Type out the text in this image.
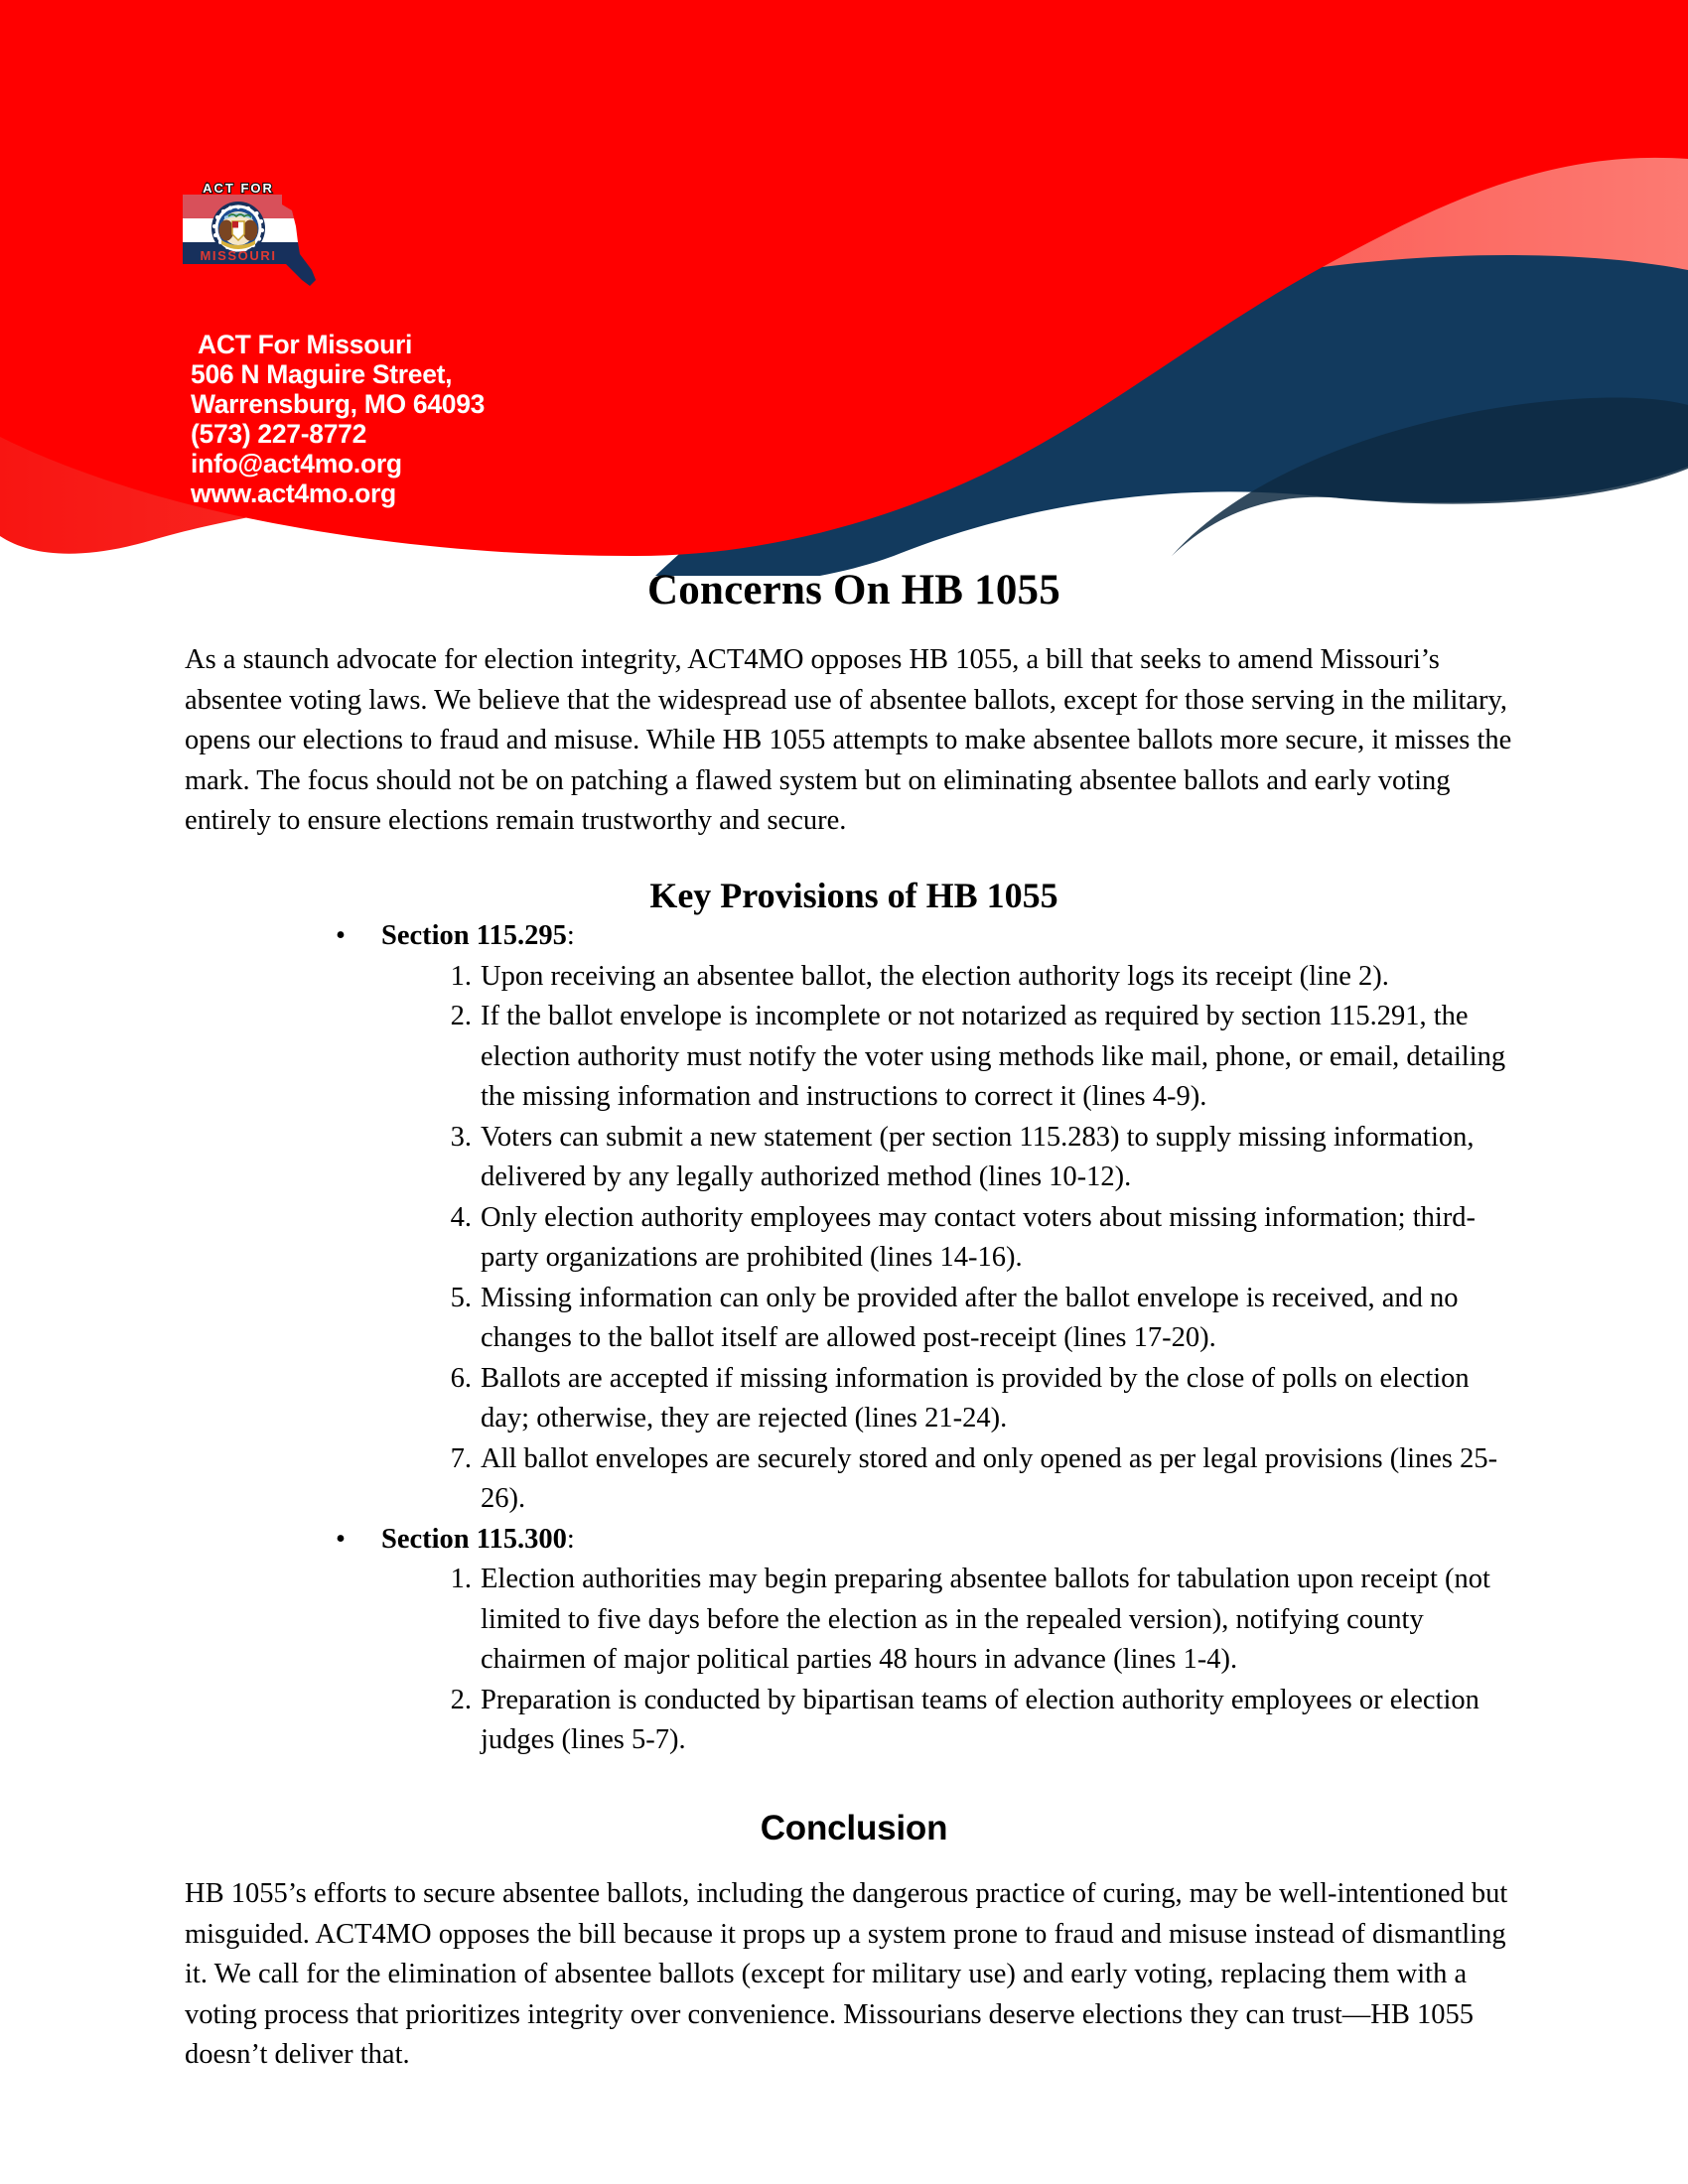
ACT FOR
MISSOURI
ACT For Missouri
506 N Maguire Street,
Warrensburg, MO 64093
(573) 227-8772
info@act4mo.org
www.act4mo.org
Concerns On HB 1055

As a staunch advocate for election integrity, ACT4MO opposes HB 1055, a bill that seeks to amend Missouri’s absentee voting laws. We believe that the widespread use of absentee ballots, except for those serving in the military, opens our elections to fraud and misuse. While HB 1055 attempts to make absentee ballots more secure, it misses the mark. The focus should not be on patching a flawed system but on eliminating absentee ballots and early voting entirely to ensure elections remain trustworthy and secure.

Key Provisions of HB 1055
• Section 115.295:
1. Upon receiving an absentee ballot, the election authority logs its receipt (line 2).
2. If the ballot envelope is incomplete or not notarized as required by section 115.291, the election authority must notify the voter using methods like mail, phone, or email, detailing the missing information and instructions to correct it (lines 4-9).
3. Voters can submit a new statement (per section 115.283) to supply missing information, delivered by any legally authorized method (lines 10-12).
4. Only election authority employees may contact voters about missing information; third-party organizations are prohibited (lines 14-16).
5. Missing information can only be provided after the ballot envelope is received, and no changes to the ballot itself are allowed post-receipt (lines 17-20).
6. Ballots are accepted if missing information is provided by the close of polls on election day; otherwise, they are rejected (lines 21-24).
7. All ballot envelopes are securely stored and only opened as per legal provisions (lines 25-26).
• Section 115.300:
1. Election authorities may begin preparing absentee ballots for tabulation upon receipt (not limited to five days before the election as in the repealed version), notifying county chairmen of major political parties 48 hours in advance (lines 1-4).
2. Preparation is conducted by bipartisan teams of election authority employees or election judges (lines 5-7).
Conclusion

HB 1055’s efforts to secure absentee ballots, including the dangerous practice of curing, may be well-intentioned but misguided. ACT4MO opposes the bill because it props up a system prone to fraud and misuse instead of dismantling it. We call for the elimination of absentee ballots (except for military use) and early voting, replacing them with a voting process that prioritizes integrity over convenience. Missourians deserve elections they can trust—HB 1055 doesn’t deliver that.
